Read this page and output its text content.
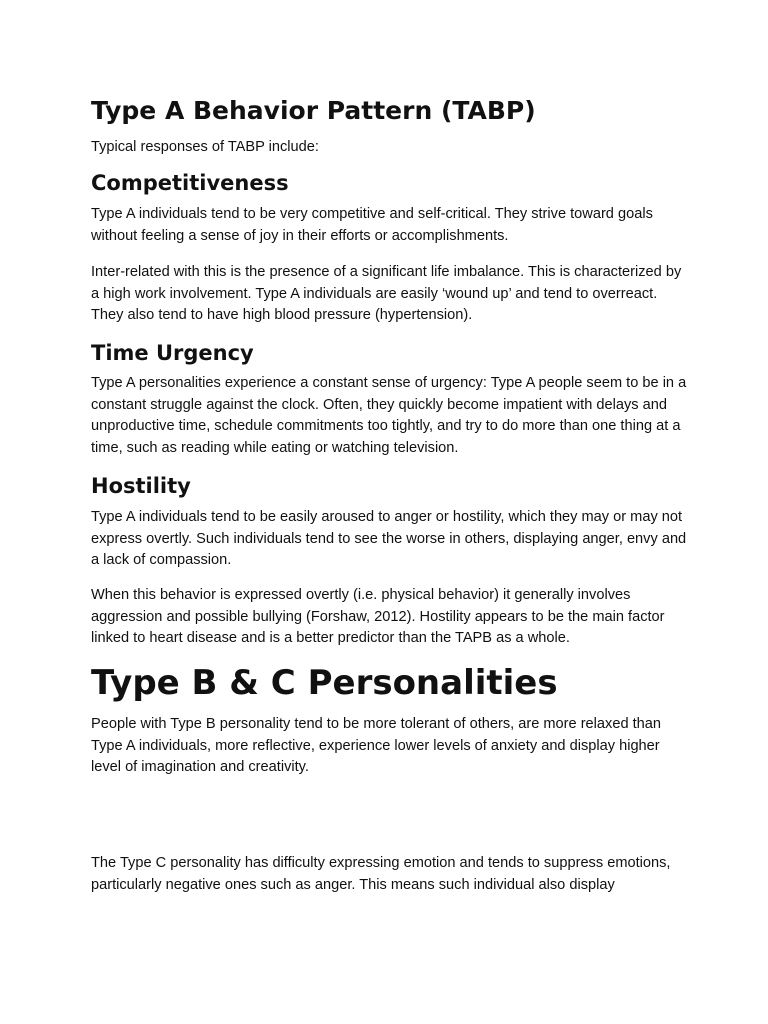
Type A Behavior Pattern (TABP)

Typical responses of TABP include:

Competitiveness

Type A individuals tend to be very competitive and self-critical. They strive toward goals without feeling a sense of joy in their efforts or accomplishments.

Inter-related with this is the presence of a significant life imbalance. This is characterized by a high work involvement. Type A individuals are easily ‘wound up’ and tend to overreact. They also tend to have high blood pressure (hypertension).

Time Urgency

Type A personalities experience a constant sense of urgency: Type A people seem to be in a constant struggle against the clock. Often, they quickly become impatient with delays and unproductive time, schedule commitments too tightly, and try to do more than one thing at a time, such as reading while eating or watching television.

Hostility

Type A individuals tend to be easily aroused to anger or hostility, which they may or may not express overtly. Such individuals tend to see the worse in others, displaying anger, envy and a lack of compassion.

When this behavior is expressed overtly (i.e. physical behavior) it generally involves aggression and possible bullying (Forshaw, 2012). Hostility appears to be the main factor linked to heart disease and is a better predictor than the TAPB as a whole.

Type B & C Personalities

People with Type B personality tend to be more tolerant of others, are more relaxed than Type A individuals, more reflective, experience lower levels of anxiety and display higher level of imagination and creativity.

The Type C personality has difficulty expressing emotion and tends to suppress emotions, particularly negative ones such as anger. This means such individual also display
